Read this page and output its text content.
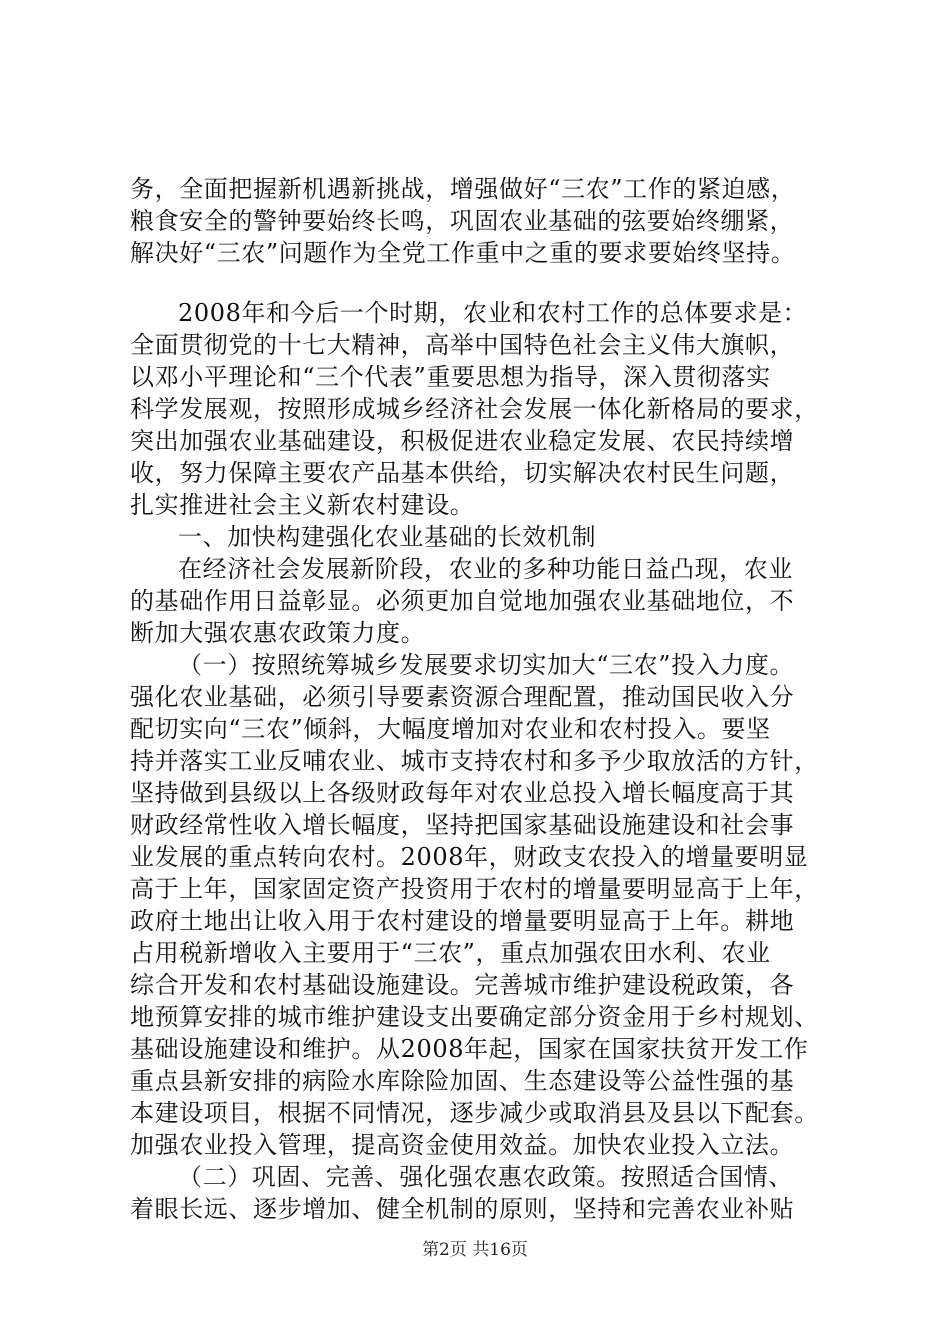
务，全面把握新机遇新挑战，增强做好“三农”工作的紧迫感，
粮食安全的警钟要始终长鸣，巩固农业基础的弦要始终绷紧，
解决好“三农”问题作为全党工作重中之重的要求要始终坚持。
2008年和今后一个时期，农业和农村工作的总体要求是：
全面贯彻党的十七大精神，高举中国特色社会主义伟大旗帜，
以邓小平理论和“三个代表”重要思想为指导，深入贯彻落实
科学发展观，按照形成城乡经济社会发展一体化新格局的要求，
突出加强农业基础建设，积极促进农业稳定发展、农民持续增
收，努力保障主要农产品基本供给，切实解决农村民生问题，
扎实推进社会主义新农村建设。
一、加快构建强化农业基础的长效机制
在经济社会发展新阶段，农业的多种功能日益凸现，农业
的基础作用日益彰显。必须更加自觉地加强农业基础地位，不
断加大强农惠农政策力度。
（一）按照统筹城乡发展要求切实加大“三农”投入力度。
强化农业基础，必须引导要素资源合理配置，推动国民收入分
配切实向“三农”倾斜，大幅度增加对农业和农村投入。要坚
持并落实工业反哺农业、城市支持农村和多予少取放活的方针，
坚持做到县级以上各级财政每年对农业总投入增长幅度高于其
财政经常性收入增长幅度，坚持把国家基础设施建设和社会事
业发展的重点转向农村。2008年，财政支农投入的增量要明显
高于上年，国家固定资产投资用于农村的增量要明显高于上年，
政府土地出让收入用于农村建设的增量要明显高于上年。耕地
占用税新增收入主要用于“三农”，重点加强农田水利、农业
综合开发和农村基础设施建设。完善城市维护建设税政策，各
地预算安排的城市维护建设支出要确定部分资金用于乡村规划、
基础设施建设和维护。从2008年起，国家在国家扶贫开发工作
重点县新安排的病险水库除险加固、生态建设等公益性强的基
本建设项目，根据不同情况，逐步减少或取消县及县以下配套。
加强农业投入管理，提高资金使用效益。加快农业投入立法。
（二）巩固、完善、强化强农惠农政策。按照适合国情、
着眼长远、逐步增加、健全机制的原则，坚持和完善农业补贴
第2页 共16页
